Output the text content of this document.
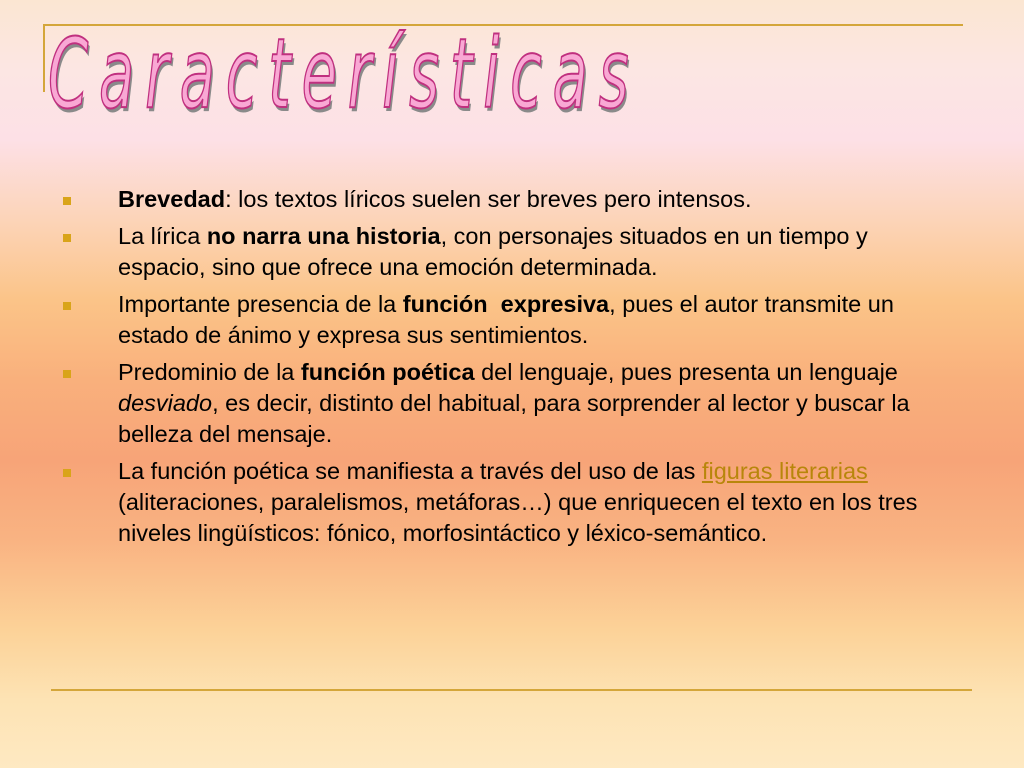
Características
Brevedad: los textos líricos suelen ser breves pero intensos.
La lírica no narra una historia, con personajes situados en un tiempo y espacio, sino que ofrece una emoción determinada.
Importante presencia de la función  expresiva, pues el autor transmite un estado de ánimo y expresa sus sentimientos.
Predominio de la función poética del lenguaje, pues presenta un lenguaje desviado, es decir, distinto del habitual, para sorprender al lector y buscar la belleza del mensaje.
La función poética se manifiesta a través del uso de las figuras literarias (aliteraciones, paralelismos, metáforas…) que enriquecen el texto en los tres niveles lingüísticos: fónico, morfosintáctico y léxico-semántico.
